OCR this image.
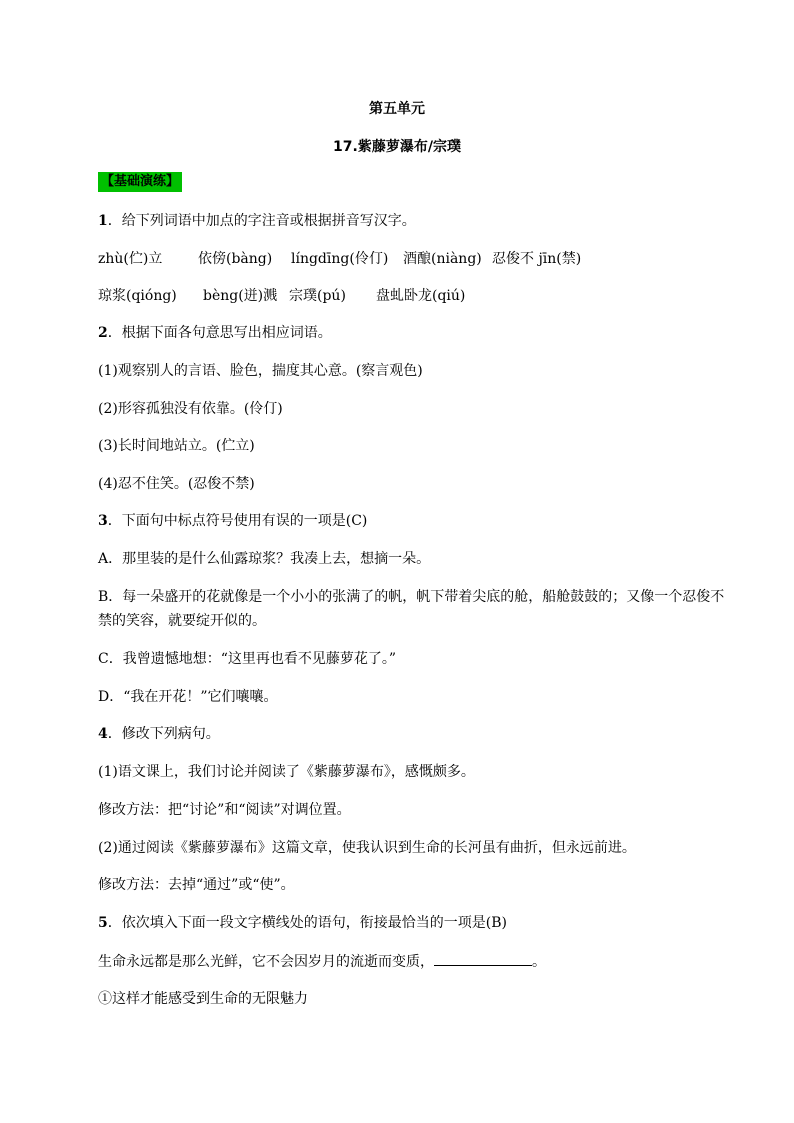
第五单元
17.紫藤萝瀑布/宗璞
【基础演练】
1．给下列词语中加点的字注音或根据拼音写汉字。
zhù(伫)立	依傍(bàng) língdīng(伶仃) 酒酿(niàng) 忍俊不 jīn(禁)
琼浆(qióng) bèng(迸)溅 宗璞(pú) 盘虬卧龙(qiú)
2．根据下面各句意思写出相应词语。
(1)观察别人的言语、脸色，揣度其心意。(察言观色)
(2)形容孤独没有依靠。(伶仃)
(3)长时间地站立。(伫立)
(4)忍不住笑。(忍俊不禁)
3．下面句中标点符号使用有误的一项是(C)
A．那里装的是什么仙露琼浆？我凑上去，想摘一朵。
B．每一朵盛开的花就像是一个小小的张满了的帆，帆下带着尖底的舱，船舱鼓鼓的；又像一个忍俊不
禁的笑容，就要绽开似的。
C．我曾遗憾地想：“这里再也看不见藤萝花了。”
D．“我在开花！”它们嚷嚷。
4．修改下列病句。
(1)语文课上，我们讨论并阅读了《紫藤萝瀑布》，感慨颇多。
修改方法：把“讨论”和“阅读”对调位置。
(2)通过阅读《紫藤萝瀑布》这篇文章，使我认识到生命的长河虽有曲折，但永远前进。
修改方法：去掉“通过”或“使”。
5．依次填入下面一段文字横线处的语句，衔接最恰当的一项是(B)
生命永远都是那么光鲜，它不会因岁月的流逝而变质，	。
①这样才能感受到生命的无限魅力
